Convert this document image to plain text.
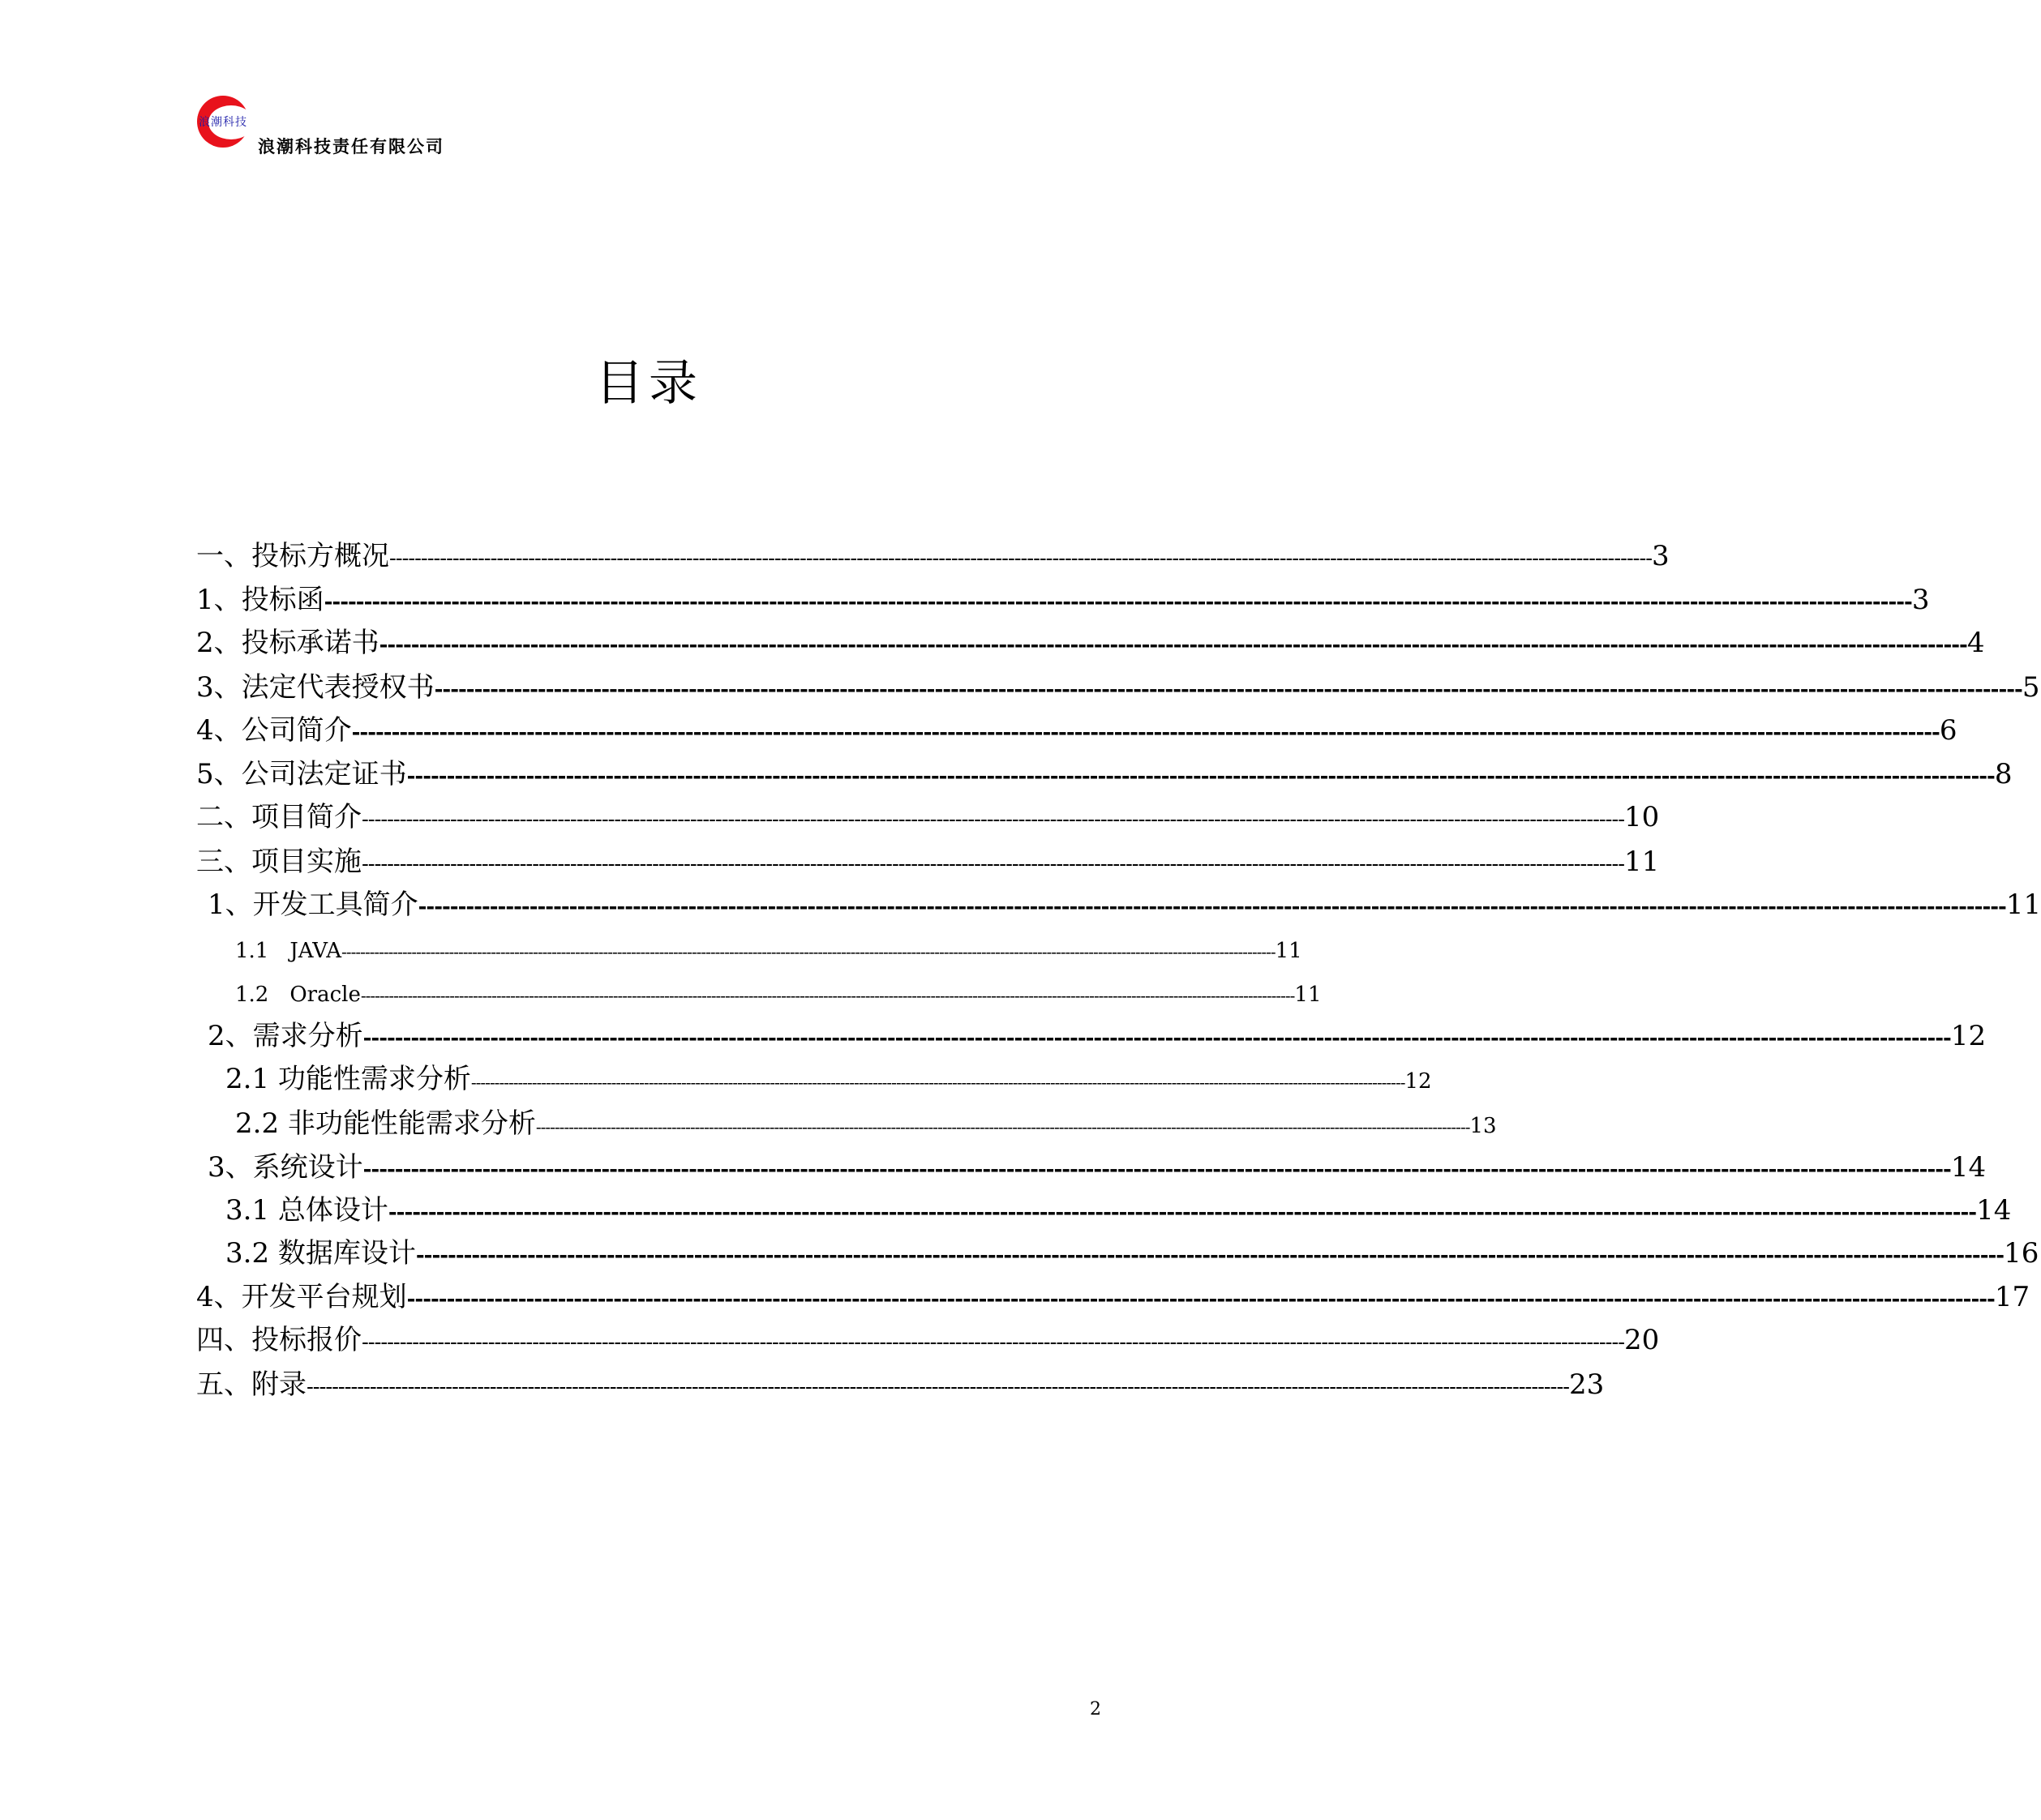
浪潮科技
浪潮科技责任有限公司
目录
一、投标方概况 -------------------------------------------------------------------------------------------------------------------------------------------------------------------------------------------------------- 3
1、投标函 -------------------------------------------------------------------------------------------------------------------------------------------------------------------------------------------------------- 3
2、投标承诺书 -------------------------------------------------------------------------------------------------------------------------------------------------------------------------------------------------------- 4
3、法定代表授权书 -------------------------------------------------------------------------------------------------------------------------------------------------------------------------------------------------------- 5
4、公司简介 -------------------------------------------------------------------------------------------------------------------------------------------------------------------------------------------------------- 6
5、公司法定证书 -------------------------------------------------------------------------------------------------------------------------------------------------------------------------------------------------------- 8
二、项目简介 -------------------------------------------------------------------------------------------------------------------------------------------------------------------------------------------------------- 10
三、项目实施 -------------------------------------------------------------------------------------------------------------------------------------------------------------------------------------------------------- 11
1、开发工具简介 -------------------------------------------------------------------------------------------------------------------------------------------------------------------------------------------------------- 11
1.1　JAVA -------------------------------------------------------------------------------------------------------------------------------------------------------------------------------------------------------- 11
1.2　Oracle -------------------------------------------------------------------------------------------------------------------------------------------------------------------------------------------------------- 11
2、需求分析 -------------------------------------------------------------------------------------------------------------------------------------------------------------------------------------------------------- 12
2.1 功能性需求分析 -------------------------------------------------------------------------------------------------------------------------------------------------------------------------------------------------------- 12
2.2 非功能性能需求分析 -------------------------------------------------------------------------------------------------------------------------------------------------------------------------------------------------------- 13
3、系统设计 -------------------------------------------------------------------------------------------------------------------------------------------------------------------------------------------------------- 14
3.1 总体设计 -------------------------------------------------------------------------------------------------------------------------------------------------------------------------------------------------------- 14
3.2 数据库设计 -------------------------------------------------------------------------------------------------------------------------------------------------------------------------------------------------------- 16
4、开发平台规划 -------------------------------------------------------------------------------------------------------------------------------------------------------------------------------------------------------- 17
四、投标报价 -------------------------------------------------------------------------------------------------------------------------------------------------------------------------------------------------------- 20
五、附录 -------------------------------------------------------------------------------------------------------------------------------------------------------------------------------------------------------- 23
2
